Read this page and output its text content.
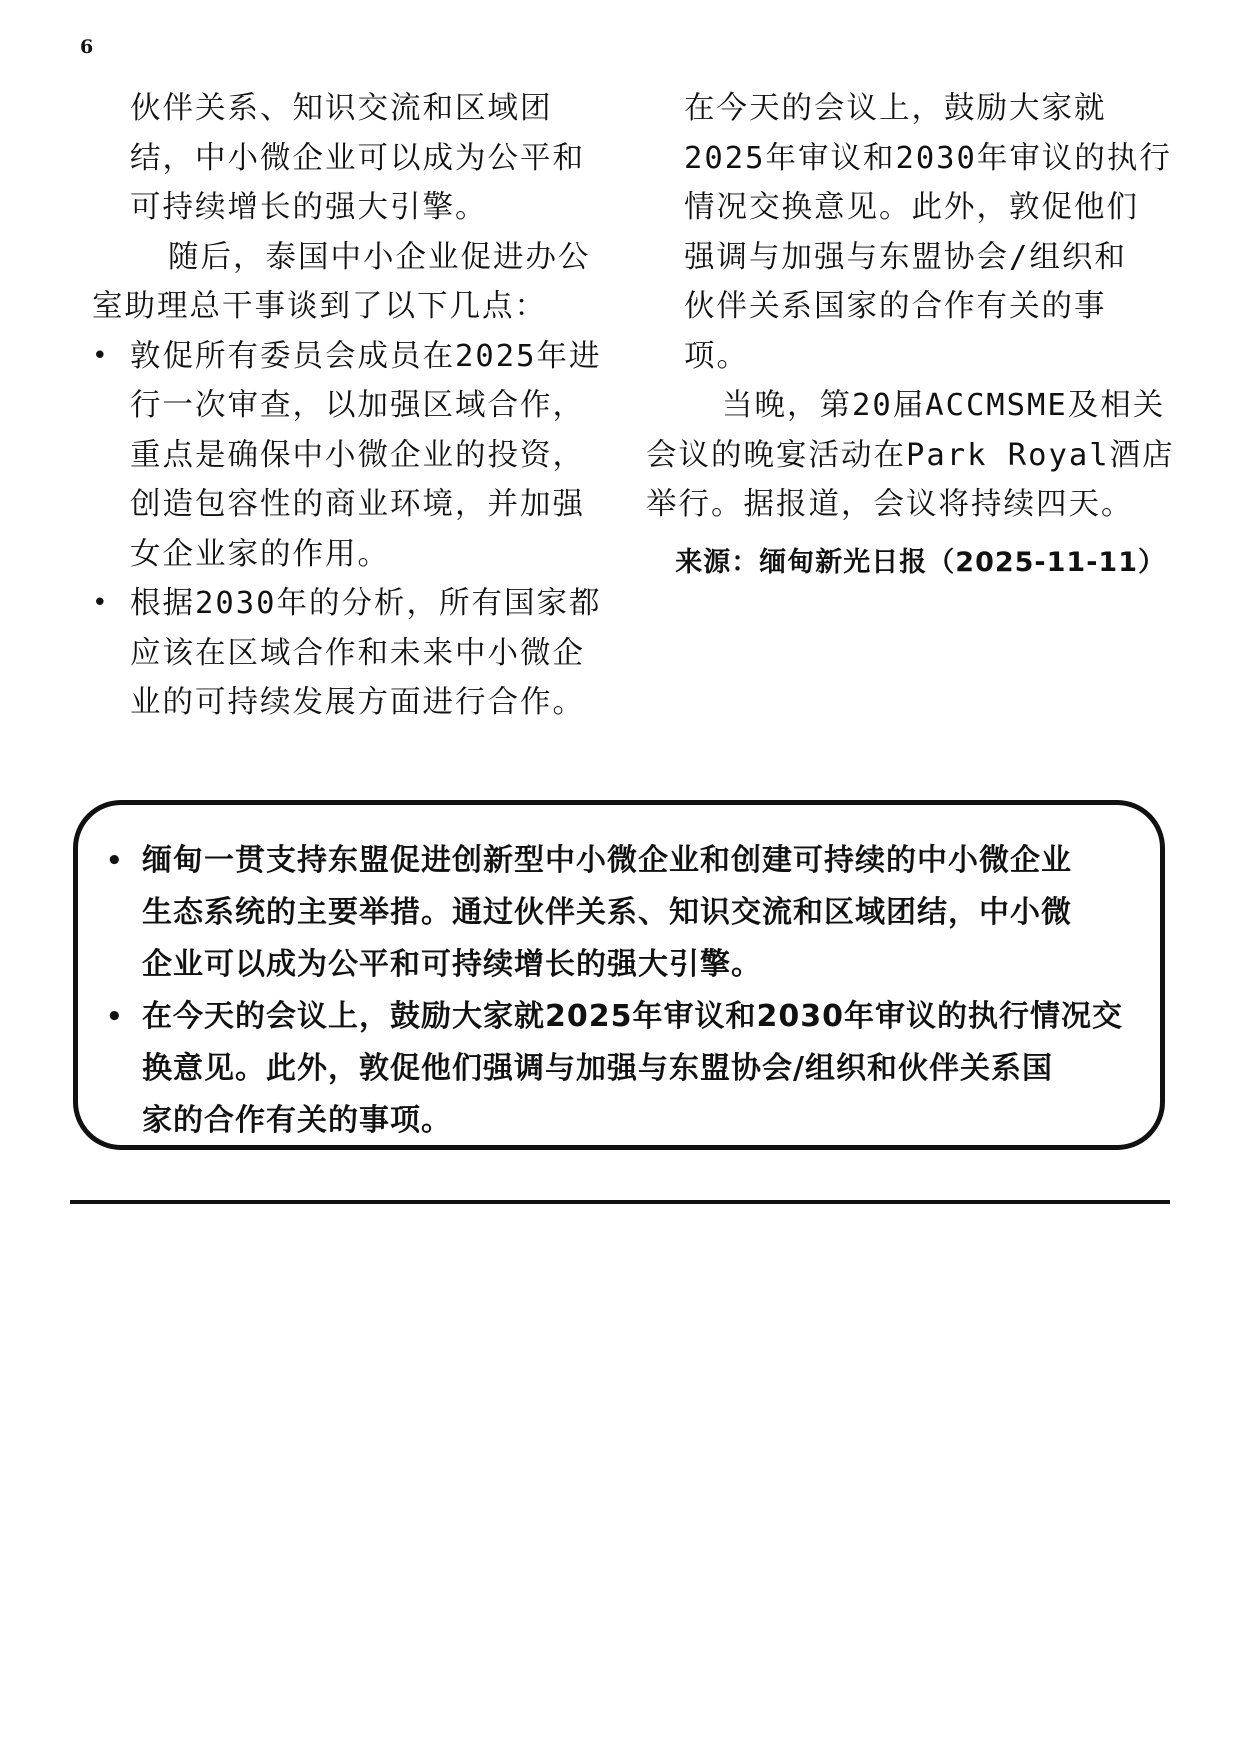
6
伙伴关系、知识交流和区域团
结，中小微企业可以成为公平和
可持续增长的强大引擎。
随后，泰国中小企业促进办公
室助理总干事谈到了以下几点：
• 敦促所有委员会成员在2025年进
行一次审查，以加强区域合作，
重点是确保中小微企业的投资，
创造包容性的商业环境，并加强
女企业家的作用。
• 根据2030年的分析，所有国家都
应该在区域合作和未来中小微企
业的可持续发展方面进行合作。
在今天的会议上，鼓励大家就
2025年审议和2030年审议的执行
情况交换意见。此外，敦促他们
强调与加强与东盟协会/组织和
伙伴关系国家的合作有关的事
项。
当晚，第20届ACCMSME及相关
会议的晚宴活动在Park Royal酒店
举行。据报道，会议将持续四天。
来源：缅甸新光日报（2025-11-11）
• 缅甸一贯支持东盟促进创新型中小微企业和创建可持续的中小微企业
生态系统的主要举措。通过伙伴关系、知识交流和区域团结，中小微
企业可以成为公平和可持续增长的强大引擎。
• 在今天的会议上，鼓励大家就2025年审议和2030年审议的执行情况交
换意见。此外，敦促他们强调与加强与东盟协会/组织和伙伴关系国
家的合作有关的事项。
